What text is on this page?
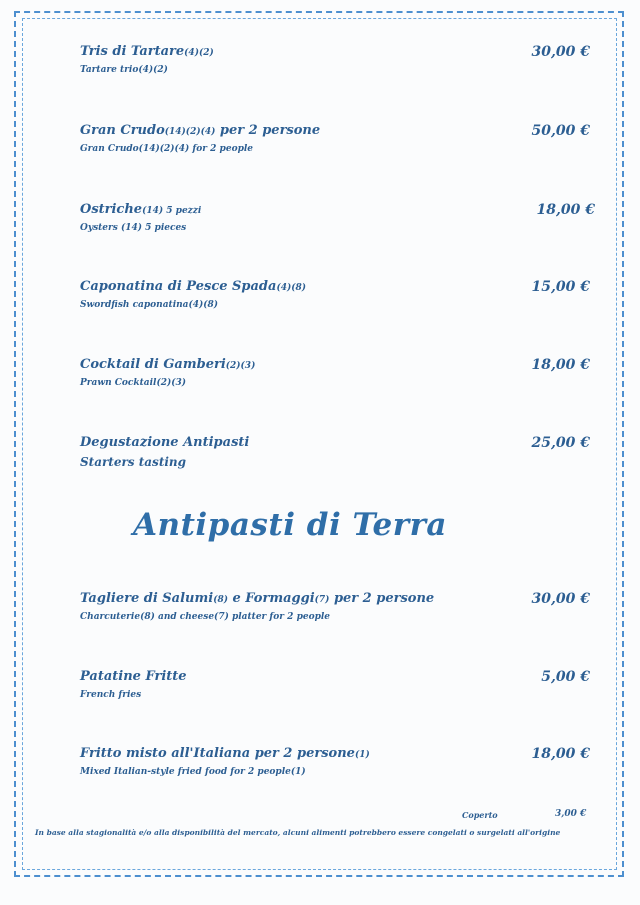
Tris di Tartare(4)(2)
Tartare trio(4)(2)
30,00 €
Gran Crudo(14)(2)(4) per 2 persone
Gran Crudo(14)(2)(4) for 2 people
50,00 €
Ostriche(14) 5 pezzi
Oysters (14) 5 pieces
18,00 €
Caponatina di Pesce Spada(4)(8)
Swordfish caponatina(4)(8)
15,00 €
Cocktail di Gamberi(2)(3)
Prawn Cocktail(2)(3)
18,00 €
Degustazione Antipasti
Starters tasting
25,00 €
Antipasti di Terra
Tagliere di Salumi(8) e Formaggi(7) per 2 persone
Charcuterie(8) and cheese(7) platter for 2 people
30,00 €
Patatine Fritte
French fries
5,00 €
Fritto misto all'Italiana per 2 persone(1)
Mixed Italian-style fried food for 2 people(1)
18,00 €
Coperto	3,00 €
In base alla stagionalità e/o alla disponibilità del mercato, alcuni alimenti potrebbero essere congelati o surgelati all'origine
